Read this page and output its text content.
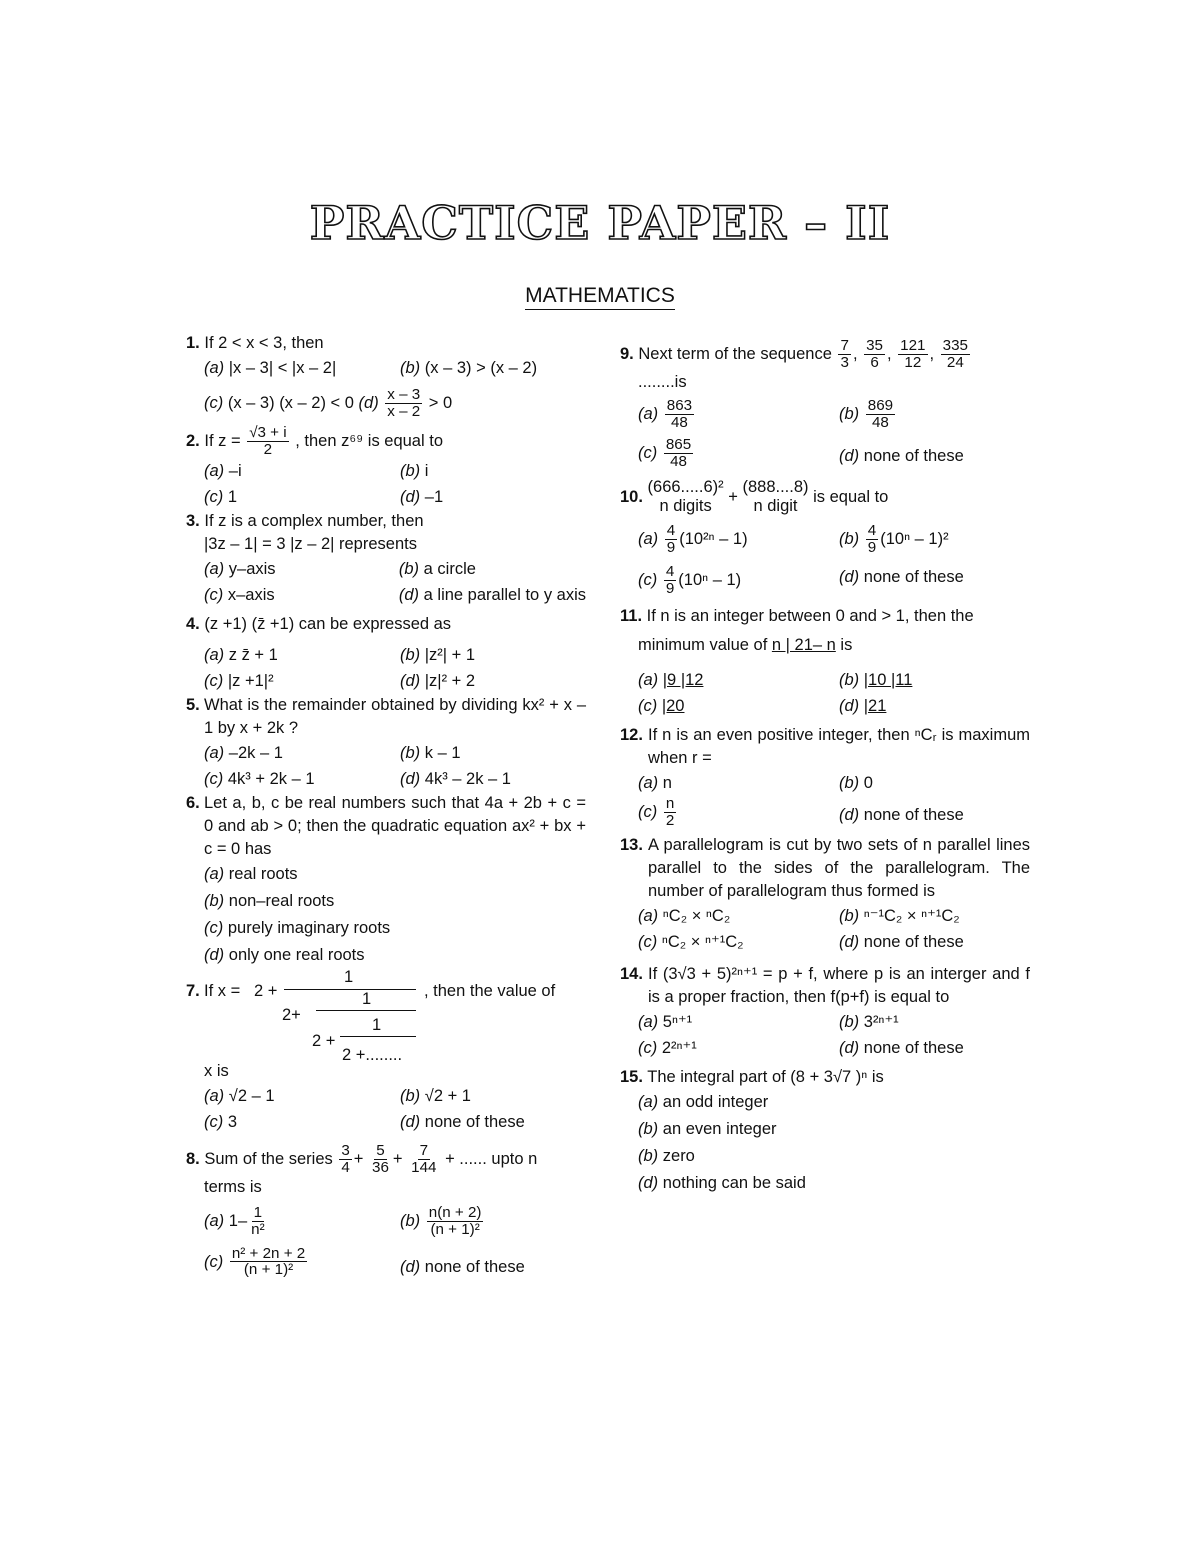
PRACTICE PAPER – II
MATHEMATICS
1. If 2 < x < 3, then
(a) |x – 3| < |x – 2|	(b) (x – 3) > (x – 2)
(c) (x – 3) (x – 2) < 0 $(d) \frac{x - 3}{x - 2} > 0$
2. If $z = \frac{√3 + i}{2}$ , then z⁶⁹ is equal to
(a) –i	(b) i
(c) 1	(d) –1
3. If z is a complex number, then
|3z – 1| = 3 |z – 2| represents
(a) y–axis	(b) a circle
(c) x–axis	(d) a line parallel to y axis
4. (z +1) (z̄ +1) can be expressed as
(a) z z̄ + 1	(b) |z²| + 1
(c) |z +1|²	(d) |z|² + 2
5. What is the remainder obtained by dividing kx² + x – 1 by x + 2k ?
(a) –2k – 1	(b) k – 1
(c) 4k³ + 2k – 1	(d) 4k³ – 2k – 1
6. Let a, b, c be real numbers such that 4a + 2b + c = 0 and ab > 0; then the quadratic equation ax² + bx + c = 0 has
(a) real roots
(b) non–real roots
(c) purely imaginary roots
(d) only one real roots
7. If x = 2 +
1
1
2+
1
2 +
2 +........
, then the value of
x is
(a) √2 – 1	(b) √2 + 1
(c) 3	(d) none of these
8. Sum of the series $\frac{3}{4} + \frac{5}{36} + \frac{7}{144}$ + ...... upto n
terms is
(a) $1- \frac{1}{\text{n²}}$	$(b) \frac{n(n + 2)}{\text{(n + 1)²}}$
$(c) \frac{\text{n² + 2n + 2}}{\text{(n + 1)²}}$	(d) none of these
9. Next term of the sequence $\frac{7}{3}$ , $\frac{35}{6}$ , $\frac{121}{12}$ , $\frac{335}{24}$
........is
$(a) \frac{863}{48}$	$(b) \frac{869}{48}$
$(c) \frac{865}{48}$	(d) none of these
10.
(666.....6)²
n digits
+
(888....8)
n digit
is equal to
$(a) \frac{4}{9} (10^{2n} - 1)$	$(b) \frac{4}{9} (10^n - 1)^2$
$(c) \frac{4}{9} (10^n - 1)$	(d) none of these
11. If n is an integer between 0 and > 1, then the
minimum value of n | 21– n is
(a) |9 |12	(b) |10 |11
(c) |20	(d) |21
12. If n is an even positive integer, then ⁿCᵣ is maximum when r =
(a) n	(b) 0
$(c) \frac{n}{2}$	(d) none of these
13. A parallelogram is cut by two sets of n parallel lines parallel to the sides of the parallelogram. The number of parallelogram thus formed is
(a) ⁿC₂ × ⁿC₂	(b) ⁿ⁻¹C₂ × ⁿ⁺¹C₂
(c) ⁿC₂ × ⁿ⁺¹C₂	(d) none of these
14. If (3√3 + 5)²ⁿ⁺¹ = p + f, where p is an interger and f is a proper fraction, then f(p+f) is equal to
(a) 5ⁿ⁺¹	(b) 3²ⁿ⁺¹
(c) 2²ⁿ⁺¹	(d) none of these
15. The integral part of (8 + 3√7 )ⁿ is
(a) an odd integer
(b) an even integer
(b) zero
(d) nothing can be said
